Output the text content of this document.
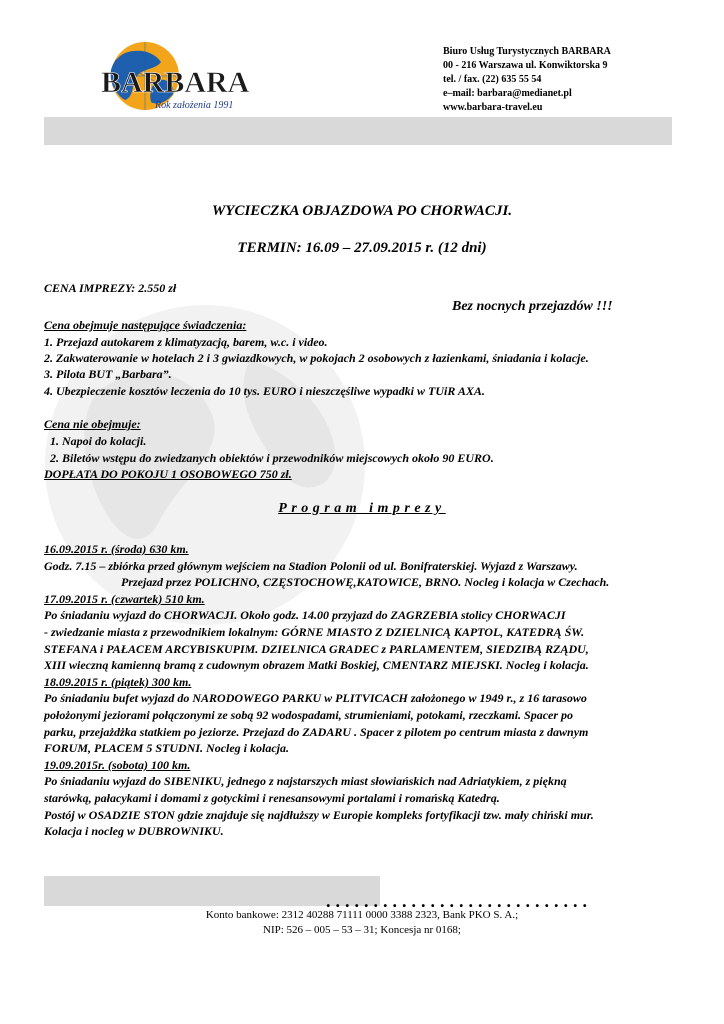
BARBARA
Rok założenia 1991
Biuro Usług Turystycznych BARBARA
00 - 216 Warszawa ul. Konwiktorska 9
tel. / fax. (22) 635 55 54
e–mail: barbara@medianet.pl
www.barbara-travel.eu
WYCIECZKA OBJAZDOWA PO CHORWACJI.
TERMIN: 16.09 – 27.09.2015 r. (12 dni)
CENA IMPREZY: 2.550 zł
Bez nocnych przejazdów !!!
Cena obejmuje następujące świadczenia:
1. Przejazd autokarem z klimatyzacją, barem, w.c. i video.
2. Zakwaterowanie w hotelach 2 i 3 gwiazdkowych, w pokojach 2 osobowych z łazienkami, śniadania i kolacje.
3. Pilota BUT „Barbara”.
4. Ubezpieczenie kosztów leczenia do 10 tys. EURO i nieszczęśliwe wypadki w TUiR AXA.
Cena nie obejmuje:
1. Napoi do kolacji.
2. Biletów wstępu do zwiedzanych obiektów i przewodników miejscowych około 90 EURO.
DOPŁATA DO POKOJU 1 OSOBOWEGO 750 zł.
Program imprezy
16.09.2015 r. (środa) 630 km.
Godz. 7.15 – zbiórka przed głównym wejściem na Stadion Polonii od ul. Bonifraterskiej. Wyjazd z Warszawy.
Przejazd przez POLICHNO, CZĘSTOCHOWĘ,KATOWICE, BRNO. Nocleg i kolacja w Czechach.
17.09.2015 r. (czwartek) 510 km.
Po śniadaniu wyjazd do CHORWACJI. Około godz. 14.00 przyjazd do ZAGRZEBIA stolicy CHORWACJI
- zwiedzanie miasta z przewodnikiem lokalnym: GÓRNE MIASTO Z DZIELNICĄ KAPTOL, KATEDRĄ ŚW.
STEFANA i PAŁACEM ARCYBISKUPIM. DZIELNICA GRADEC z PARLAMENTEM, SIEDZIBĄ RZĄDU,
XIII wieczną kamienną bramą z cudownym obrazem Matki Boskiej, CMENTARZ MIEJSKI. Nocleg i kolacja.
18.09.2015 r. (piątek) 300 km.
Po śniadaniu bufet wyjazd do NARODOWEGO PARKU w PLITVICACH założonego w 1949 r., z 16 tarasowo
położonymi jeziorami połączonymi ze sobą 92 wodospadami, strumieniami, potokami, rzeczkami. Spacer po
parku, przejażdżka statkiem po jeziorze. Przejazd do ZADARU . Spacer z pilotem po centrum miasta z dawnym
FORUM, PLACEM 5 STUDNI. Nocleg i kolacja.
19.09.2015r. (sobota) 100 km.
Po śniadaniu wyjazd do SIBENIKU, jednego z najstarszych miast słowiańskich nad Adriatykiem, z piękną
starówką, pałacykami i domami z gotyckimi i renesansowymi portalami i romańską Katedrą.
Postój w OSADZIE STON gdzie znajduje się najdłuższy w Europie kompleks fortyfikacji tzw. mały chiński mur.
Kolacja i nocleg w DUBROWNIKU.
............................
Konto bankowe: 2312 40288 71111 0000 3388 2323, Bank PKO S. A.;
NIP: 526 – 005 – 53 – 31; Koncesja nr 0168;
